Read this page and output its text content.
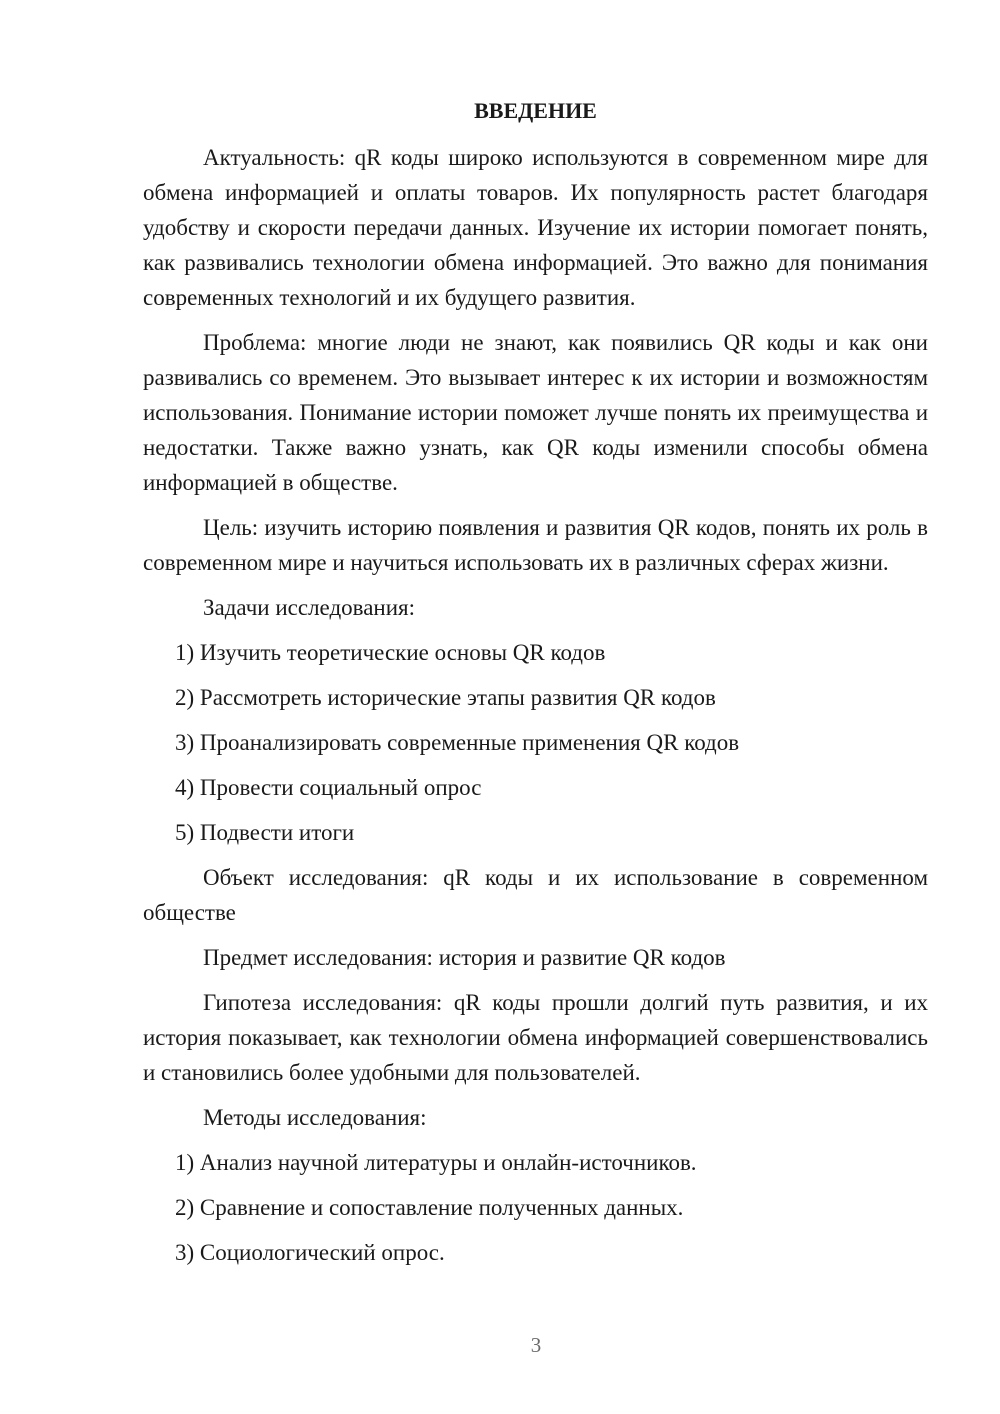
ВВЕДЕНИЕ

Актуальность: qR коды широко используются в современном мире для обмена информацией и оплаты товаров. Их популярность растет благодаря удобству и скорости передачи данных. Изучение их истории помогает понять, как развивались технологии обмена информацией. Это важно для понимания современных технологий и их будущего развития.

Проблема: многие люди не знают, как появились QR коды и как они развивались со временем. Это вызывает интерес к их истории и возможностям использования. Понимание истории поможет лучше понять их преимущества и недостатки. Также важно узнать, как QR коды изменили способы обмена информацией в обществе.

Цель: изучить историю появления и развития QR кодов, понять их роль в современном мире и научиться использовать их в различных сферах жизни.

Задачи исследования:

1) Изучить теоретические основы QR кодов

2) Рассмотреть исторические этапы развития QR кодов

3) Проанализировать современные применения QR кодов

4) Провести социальный опрос

5) Подвести итоги

Объект исследования: qR коды и их использование в современном обществе

Предмет исследования: история и развитие QR кодов

Гипотеза исследования: qR коды прошли долгий путь развития, и их история показывает, как технологии обмена информацией совершенствовались и становились более удобными для пользователей.

Методы исследования:

1) Анализ научной литературы и онлайн-источников.

2) Сравнение и сопоставление полученных данных.

3) Социологический опрос.

3
